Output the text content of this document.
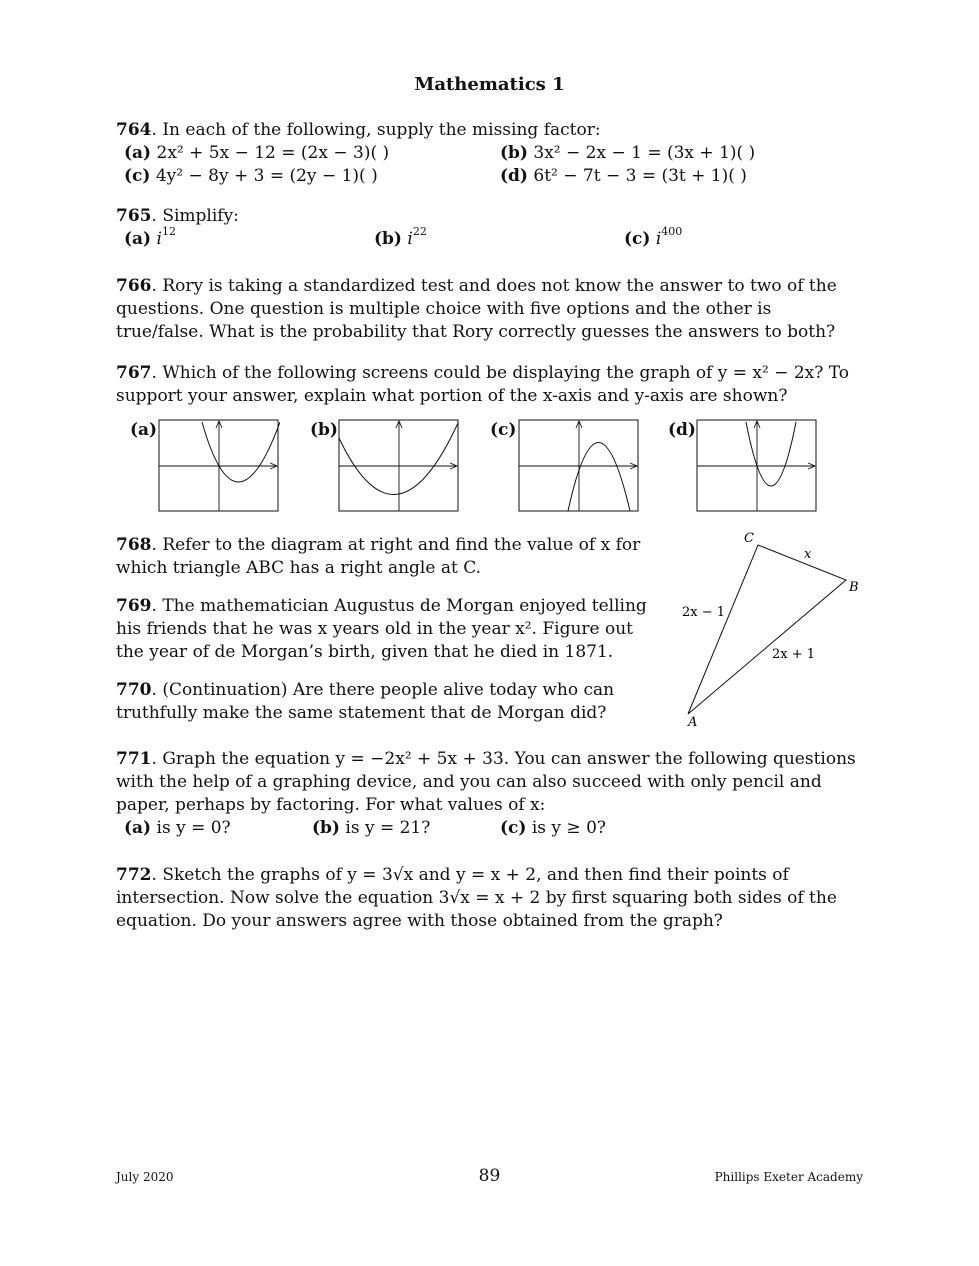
Mathematics 1
764. In each of the following, supply the missing factor:
(a) 2x² + 5x − 12 = (2x − 3)( )	(b) 3x² − 2x − 1 = (3x + 1)( )
(c) 4y² − 8y + 3 = (2y − 1)( )	(d) 6t² − 7t − 3 = (3t + 1)( )
765. Simplify:
(a) $i^{12}$	(b) $i^{22}$	(c) $i^{400}$
766. Rory is taking a standardized test and does not know the answer to two of the questions. One question is multiple choice with five options and the other is true/false. What is the probability that Rory correctly guesses the answers to both?
767. Which of the following screens could be displaying the graph of y = x² − 2x? To support your answer, explain what portion of the x-axis and y-axis are shown?
(a)	(b)	(c)	(d)
768. Refer to the diagram at right and find the value of x for which triangle ABC has a right angle at C.
C
B
A
x
2x − 1
2x + 1
769. The mathematician Augustus de Morgan enjoyed telling his friends that he was x years old in the year x². Figure out the year of de Morgan’s birth, given that he died in 1871.
770. (Continuation) Are there people alive today who can truthfully make the same statement that de Morgan did?
771. Graph the equation y = −2x² + 5x + 33. You can answer the following questions with the help of a graphing device, and you can also succeed with only pencil and paper, perhaps by factoring. For what values of x:
(a) is y = 0?	(b) is y = 21?	(c) is y ≥ 0?
772. Sketch the graphs of y = 3√x and y = x + 2, and then find their points of intersection. Now solve the equation 3√x = x + 2 by first squaring both sides of the equation. Do your answers agree with those obtained from the graph?
July 2020	89	Phillips Exeter Academy
